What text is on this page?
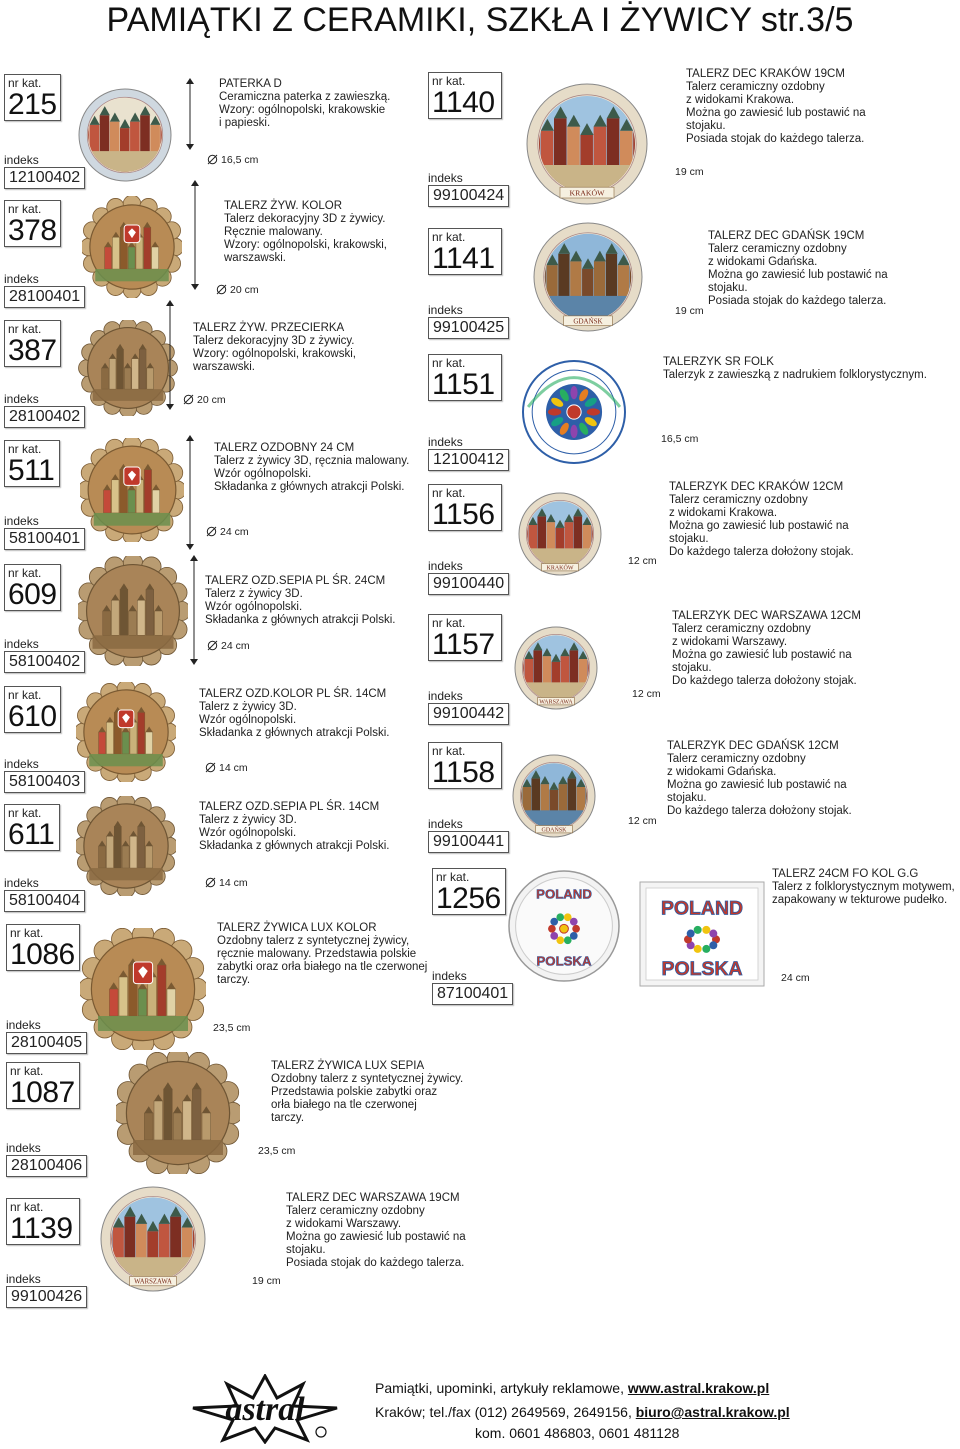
PAMIĄTKI Z CERAMIKI, SZKŁA I ŻYWICY str.3/5
nr kat.
215
indeks
12100402
PATERKA D
Ceramiczna paterka z zawieszką.
Wzory: ogólnopolski, krakowskie
i papieski.
16,5 cm
nr kat.
378
indeks
28100401
TALERZ ŻYW. KOLOR
Talerz dekoracyjny 3D z żywicy.
Ręcznie malowany.
Wzory: ogólnopolski, krakowski,
warszawski.
20 cm
nr kat.
387
indeks
28100402
TALERZ ŻYW. PRZECIERKA
Talerz dekoracyjny 3D z żywicy.
Wzory: ogólnopolski, krakowski,
warszawski.
20 cm
nr kat.
511
indeks
58100401
TALERZ OZDOBNY 24 CM
Talerz z żywicy 3D, ręcznia malowany.
Wzór ogólnopolski.
Składanka z głównych atrakcji Polski.
24 cm
nr kat.
609
indeks
58100402
TALERZ OZD.SEPIA PL ŚR. 24CM
Talerz z żywicy 3D.
Wzór ogólnopolski.
Składanka z głównych atrakcji Polski.
24 cm
nr kat.
610
indeks
58100403
TALERZ OZD.KOLOR PL ŚR. 14CM
Talerz z żywicy 3D.
Wzór ogólnopolski.
Składanka z głównych atrakcji Polski.
14 cm
nr kat.
611
indeks
58100404
TALERZ OZD.SEPIA PL ŚR. 14CM
Talerz z żywicy 3D.
Wzór ogólnopolski.
Składanka z głównych atrakcji Polski.
14 cm
nr kat.
1086
indeks
28100405
TALERZ ŻYWICA LUX KOLOR
Ozdobny talerz z syntetycznej żywicy,
ręcznie malowany. Przedstawia polskie
zabytki oraz orła białego na tle czerwonej
tarczy.
23,5 cm
nr kat.
1087
indeks
28100406
TALERZ ŻYWICA LUX SEPIA
Ozdobny talerz z syntetycznej żywicy.
Przedstawia polskie zabytki oraz
orła białego na tle czerwonej
tarczy.
23,5 cm
nr kat.
1139
indeks
99100426
WARSZAWA
TALERZ DEC WARSZAWA 19CM
Talerz ceramiczny ozdobny
z widokami Warszawy.
Można go zawiesić lub postawić na
stojaku.
Posiada stojak do każdego talerza.
19 cm
nr kat.
1140
indeks
99100424	KRAKÓW
TALERZ DEC KRAKÓW 19CM
Talerz ceramiczny ozdobny
z widokami Krakowa.
Można go zawiesić lub postawić na
stojaku.
Posiada stojak do każdego talerza.
19 cm
nr kat.
1141
indeks
99100425	GDAŃSK
TALERZ DEC GDAŃSK 19CM
Talerz ceramiczny ozdobny
z widokami Gdańska.
Można go zawiesić lub postawić na
stojaku.
Posiada stojak do każdego talerza.
19 cm
nr kat.
1151
indeks
12100412
TALERZYK SR FOLK
Talerzyk z zawieszką z nadrukiem folklorystycznym.
16,5 cm
nr kat.
1156
indeks
99100440
KRAKÓW
TALERZYK DEC KRAKÓW 12CM
Talerz ceramiczny ozdobny
z widokami Krakowa.
Można go zawiesić lub postawić na
stojaku.
Do każdego talerza dołożony stojak.
12 cm
nr kat.
1157
indeks
99100442
WARSZAWA
TALERZYK DEC WARSZAWA 12CM
Talerz ceramiczny ozdobny
z widokami Warszawy.
Można go zawiesić lub postawić na
stojaku.
Do każdego talerza dołożony stojak.
12 cm
nr kat.
1158
indeks
99100441
GDAŃSK
TALERZYK DEC GDAŃSK 12CM
Talerz ceramiczny ozdobny
z widokami Gdańska.
Można go zawiesić lub postawić na
stojaku.
Do każdego talerza dołożony stojak.
12 cm
nr kat.
1256
indeks
87100401
POLAND
POLSKA
POLAND
POLSKA
TALERZ 24CM FO KOL G.G
Talerz z folklorystycznym motywem,
zapakowany w tekturowe pudełko.
24 cm
astral
Pamiątki, upominki, artykuły reklamowe, www.astral.krakow.pl
Kraków; tel./fax (012) 2649569, 2649156, biuro@astral.krakow.pl
kom. 0601 486803, 0601 481128
